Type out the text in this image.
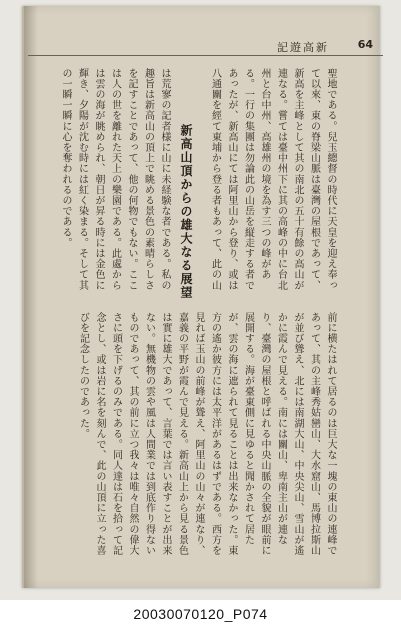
記遊高新	64
聖地である。兒玉總督の時代に天皇を迎え奉って以來、東の脊梁山脈は臺灣の屋根であって、新高を主峰として其の南北の五十有餘の高山が連なる。嘗ては臺中州下に其の高峰の中に台北州と台中州、高雄州の境を為す三つの峰がある。一行の集團は勿論此の山岳を縦走する者であったが、新高山にては阿里山から登り、或は八通關を經て東埔から登る者もあって、此の山
新高山頂からの雄大なる展望
は荒寥の記者様に山に未経験な者である。私の趣旨は新高山の頂上で眺める景色の素晴らしさを記すことであって、他の何物でもない。ここは人の世を離れた天上の樂園である。此處からは雲の海が眺められ、朝日が昇る時には金色に輝き、夕陽が沈む時には紅く染まる。そして其の一瞬一瞬に心を奪われるのである。
前に横たはれて居るのは巨大な一塊の東山の連峰であって、其の主峰秀姑巒山、大水窟山、馬博拉斯山が並び聳え、北には南湖大山、中央尖山、雪山が遙かに霞んで見える。南には關山、卑南主山が連なり、臺灣の屋根と呼ばれる中央山脈の全貌が眼前に展開する。海が臺東側に見ゆると聞かされて居たが、雲の海に遮られて見ることは出来なかった。東方の遙か彼方には太平洋があるはずである。西方を見れば玉山の前峰が聳え、阿里山の山々が連なり、嘉義の平野が霞んで見える。新高山上から見る景色は實に雄大であって、言葉では言い表すことが出来ない。無機物の雲や風は人間業では到底作り得ないものであって、其の前に立つ我々は唯々自然の偉大さに頭を下げるのみである。同人達は石を拾って記念とし、或は岩に名を刻んで、此の山頂に立った喜びを記念したのであった。
20030070120_P074
